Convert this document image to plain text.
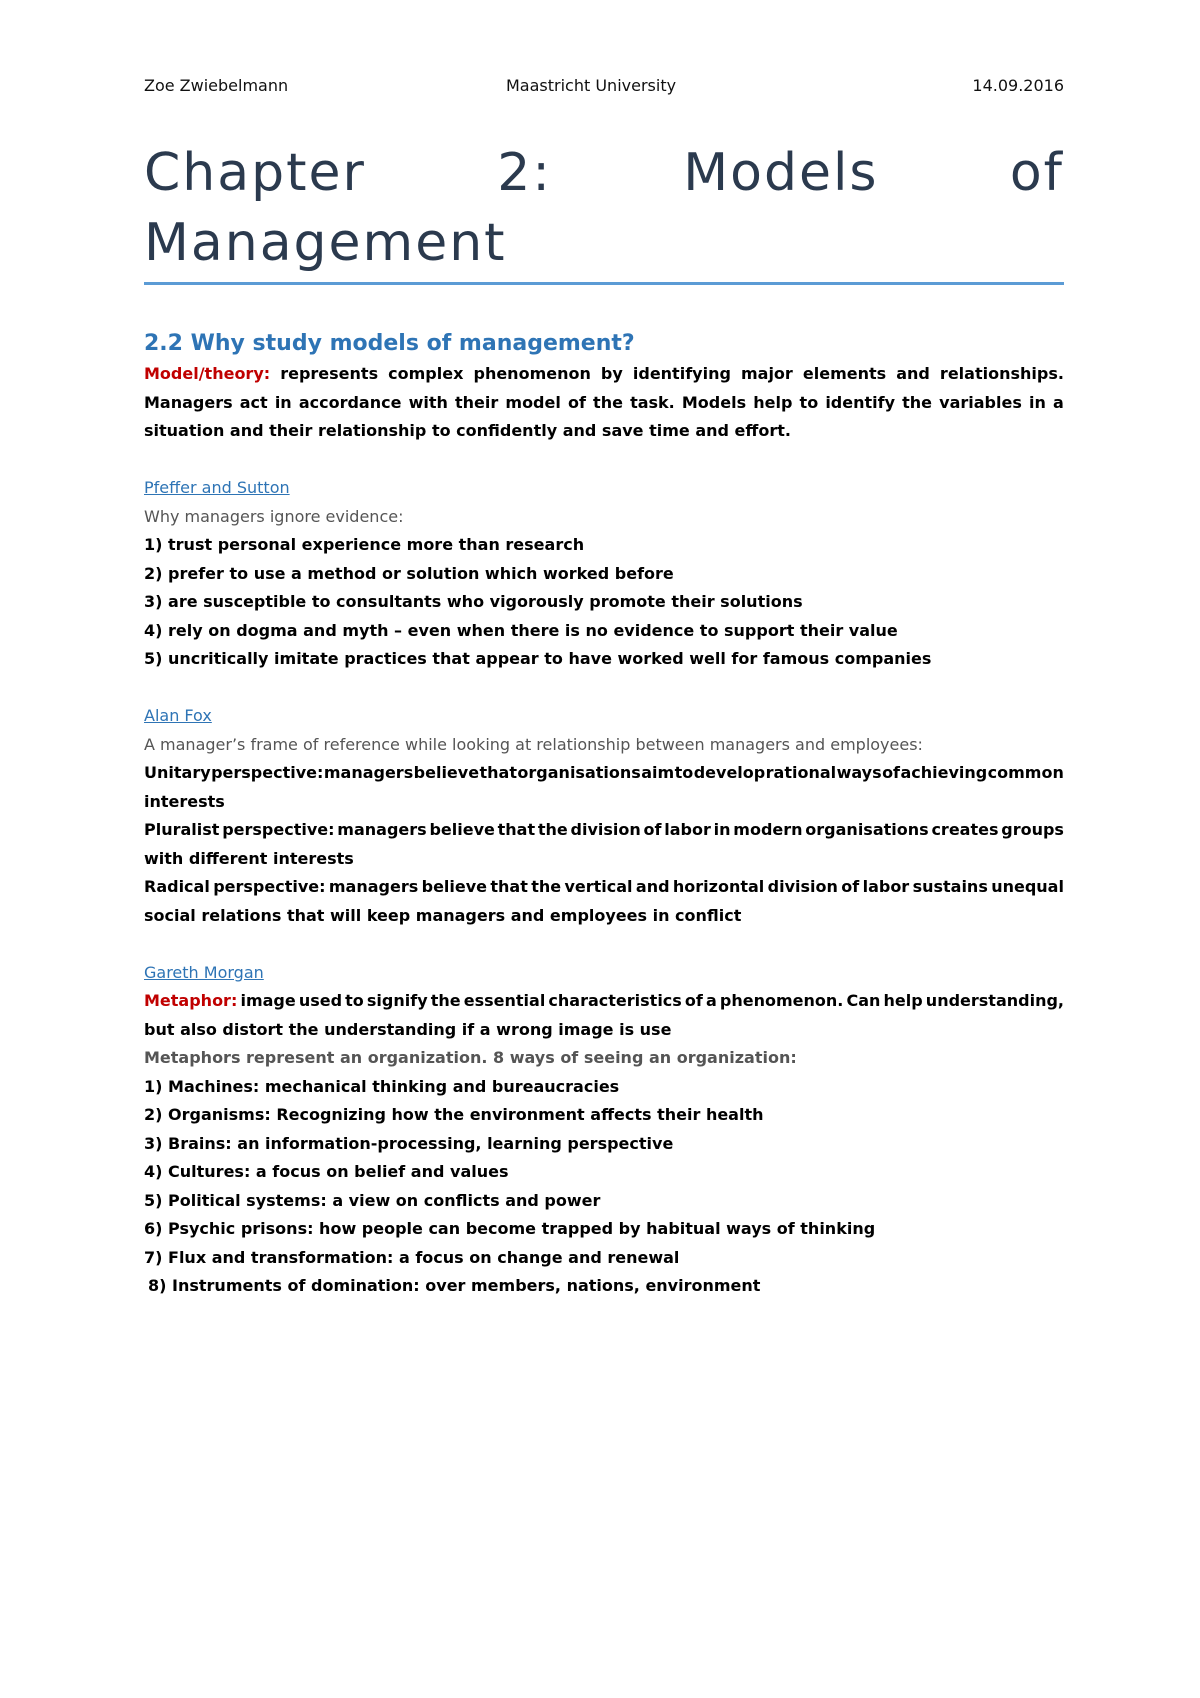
Zoe Zwiebelmann	Maastricht University	14.09.2016
Chapter	2:	Models	of
Management
2.2 Why study models of management?
Model/theory: represents complex phenomenon by identifying major elements and relationships.
Managers act in accordance with their model of the task. Models help to identify the variables in a
situation and their relationship to confidently and save time and effort.
Pfeffer and Sutton
Why managers ignore evidence:
1) trust personal experience more than research
2) prefer to use a method or solution which worked before
3) are susceptible to consultants who vigorously promote their solutions
4) rely on dogma and myth – even when there is no evidence to support their value
5) uncritically imitate practices that appear to have worked well for famous companies
Alan Fox
A manager’s frame of reference while looking at relationship between managers and employees:
Unitary perspective: managers believe that organisations aim to develop rational ways of achieving common
interests
Pluralist perspective: managers believe that the division of labor in modern organisations creates groups
with different interests
Radical perspective: managers believe that the vertical and horizontal division of labor sustains unequal
social relations that will keep managers and employees in conflict
Gareth Morgan
Metaphor: image used to signify the essential characteristics of a phenomenon. Can help understanding,
but also distort the understanding if a wrong image is use
Metaphors represent an organization. 8 ways of seeing an organization:
1) Machines: mechanical thinking and bureaucracies
2) Organisms: Recognizing how the environment affects their health
3) Brains: an information-processing, learning perspective
4) Cultures: a focus on belief and values
5) Political systems: a view on conflicts and power
6) Psychic prisons: how people can become trapped by habitual ways of thinking
7) Flux and transformation: a focus on change and renewal
8) Instruments of domination: over members, nations, environment
